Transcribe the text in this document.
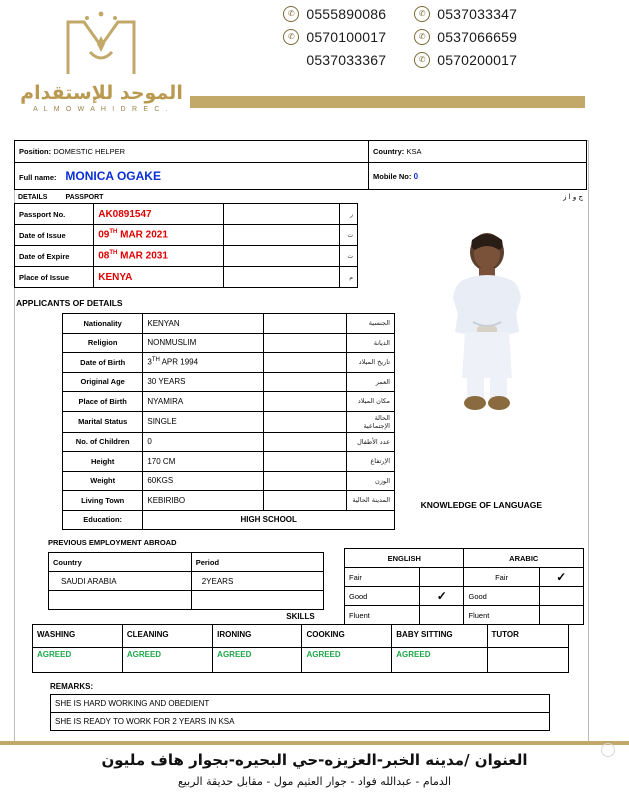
الموحد للإستقدام
A L M O W A H I D R E C .
✆ 0555890086
✆ 0570100017
0537033367
✆ 0537033347
✆ 0537066659
✆ 0570200017
Position: DOMESTIC HELPER	Country: KSA
Full name: MONICA OGAKE	Mobile No: 0
DETAILS	PASSPORT	ج و ا ز
Passport No.	AK0891547		ر
Date of Issue	09TH MAR 2021		ت
Date of Expire	08TH MAR 2031		ت
Place of Issue	KENYA		م
APPLICANTS OF DETAILS
Nationality	KENYAN		الجنسية
Religion	NONMUSLIM		الديانة
Date of Birth	3TH APR 1994		تاريخ الميلاد
Original Age	30 YEARS		العمر
Place of Birth	NYAMIRA		مكان الميلاد
Marital Status	SINGLE		الحالة الإجتماعية
No. of Children	0		عدد الأطفال
Height	170 CM		الإرتفاع
Weight	60KGS		الوزن
Living Town	KEBIRIBO		المدينة الحالية
Education:	HIGH SCHOOL		
KNOWLEDGE OF LANGUAGE
PREVIOUS EMPLOYMENT ABROAD
Country	Period
SAUDI ARABIA	2YEARS

ENGLISH		ARABIC	
Fair		Fair	✓
Good	✓	Good	
Fluent		Fluent	
SKILLS
WASHING	CLEANING	IRONING	COOKING	BABY SITTING	TUTOR

AGREED	AGREED	AGREED	AGREED	AGREED	

REMARKS:
SHE IS HARD WORKING AND OBEDIENT
SHE IS READY TO WORK FOR 2 YEARS IN KSA
العنوان /مدينه الخبر-العزيزه-حي البحيره-بجوار هاف مليون
الدمام - عبدالله فواد - جوار العثيم مول - مقابل حديقة الربيع
